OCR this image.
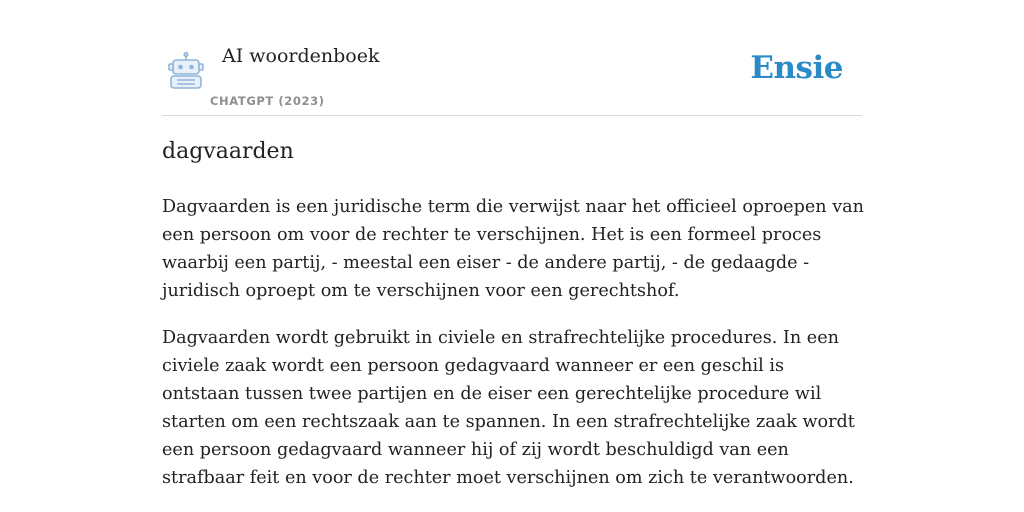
AI woordenboek
CHATGPT (2023)
Ensie
dagvaarden

Dagvaarden is een juridische term die verwijst naar het officieel oproepen van een persoon om voor de rechter te verschijnen. Het is een formeel proces waarbij een partij, - meestal een eiser - de andere partij, - de gedaagde - juridisch oproept om te verschijnen voor een gerechtshof.

Dagvaarden wordt gebruikt in civiele en strafrechtelijke procedures. In een civiele zaak wordt een persoon gedagvaard wanneer er een geschil is ontstaan tussen twee partijen en de eiser een gerechtelijke procedure wil starten om een rechtszaak aan te spannen. In een strafrechtelijke zaak wordt een persoon gedagvaard wanneer hij of zij wordt beschuldigd van een strafbaar feit en voor de rechter moet verschijnen om zich te verantwoorden.
